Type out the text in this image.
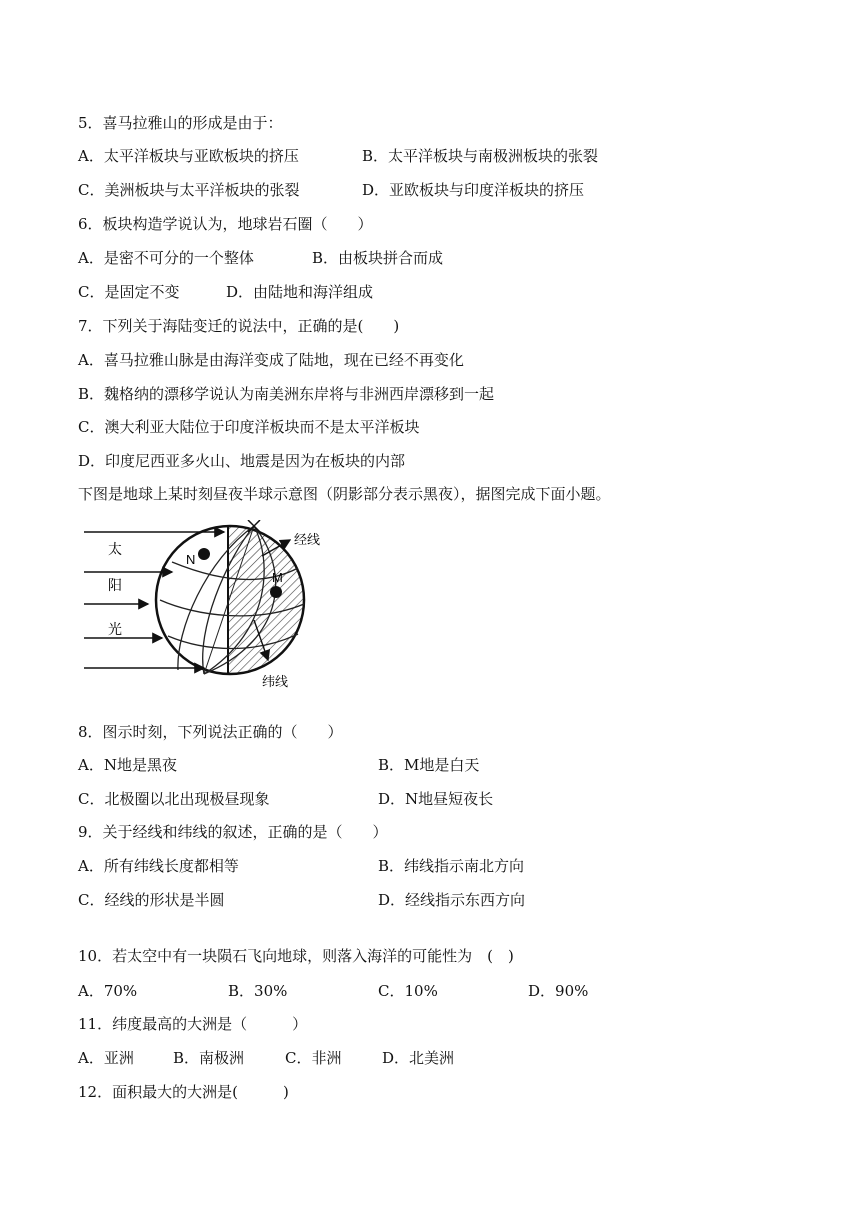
5．喜马拉雅山的形成是由于：
A．太平洋板块与亚欧板块的挤压	B．太平洋板块与南极洲板块的张裂
C．美洲板块与太平洋板块的张裂	D．亚欧板块与印度洋板块的挤压
6．板块构造学说认为，地球岩石圈（　　）
A．是密不可分的一个整体	B．由板块拼合而成
C．是固定不变	D．由陆地和海洋组成
7．下列关于海陆变迁的说法中，正确的是(　　)
A．喜马拉雅山脉是由海洋变成了陆地，现在已经不再变化
B．魏格纳的漂移学说认为南美洲东岸将与非洲西岸漂移到一起
C．澳大利亚大陆位于印度洋板块而不是太平洋板块
D．印度尼西亚多火山、地震是因为在板块的内部
下图是地球上某时刻昼夜半球示意图（阴影部分表示黑夜），据图完成下面小题。
太
阳
光
N
M
经线
纬线
8．图示时刻，下列说法正确的（　　）
A．N地是黑夜	B．M地是白天
C．北极圈以北出现极昼现象	D．N地昼短夜长
9．关于经线和纬线的叙述，正确的是（　　）
A．所有纬线长度都相等	B．纬线指示南北方向
C．经线的形状是半圆	D．经线指示东西方向
10．若太空中有一块陨石飞向地球，则落入海洋的可能性为　(　)
A．70%	B．30%	C．10%	D．90%
11．纬度最高的大洲是（　　　）
A．亚洲	B．南极洲	C．非洲	D．北美洲
12．面积最大的大洲是(　　　)
